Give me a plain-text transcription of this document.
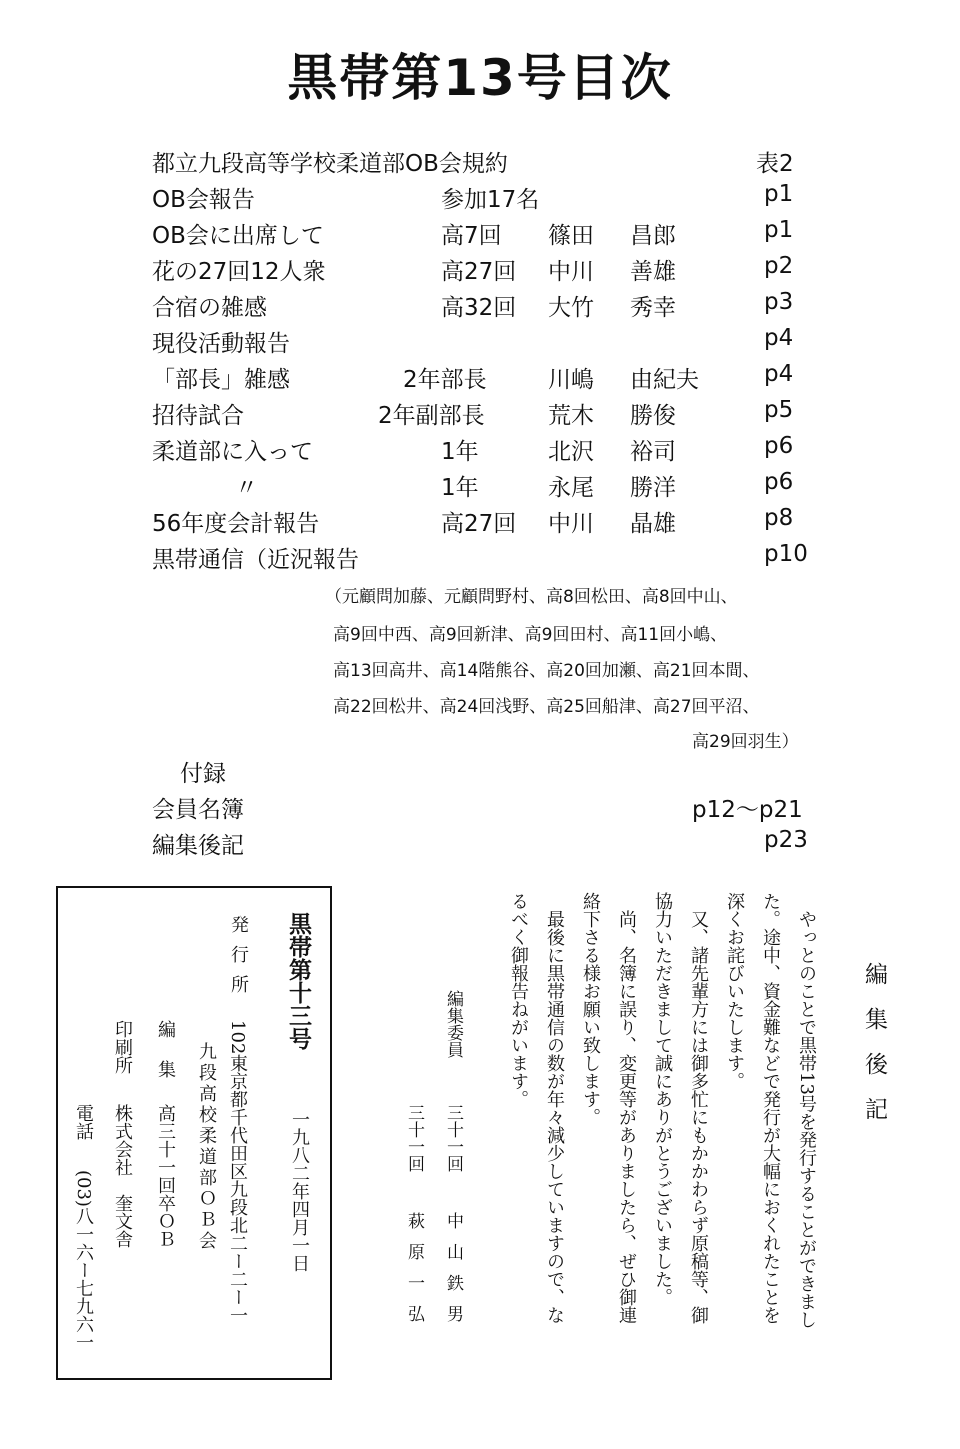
黒帯第13号目次
都立九段高等学校柔道部OB会規約	表2
OB会報告	参加17名	p1
OB会に出席して	高7回 篠田 昌郎	p1
花の27回12人衆	高27回 中川 善雄	p2
合宿の雑感	高32回 大竹 秀幸	p3
現役活動報告	p4
「部長」雑感	2年部長	川嶋 由紀夫	p4
招待試合	2年副部長	荒木 勝俊	p5
柔道部に入って	1年	北沢 裕司	p6
〃	1年	永尾 勝洋	p6
56年度会計報告	高27回 中川 晶雄	p8
黒帯通信（近況報告	p10
（元顧問加藤、元顧問野村、高8回松田、高8回中山、
高9回中西、高9回新津、高9回田村、高11回小嶋、
高13回高井、高14階熊谷、高20回加瀬、高21回本間、
高22回松井、高24回浅野、高25回船津、高27回平沼、
高29回羽生）
付録
会員名簿	p12〜p21
編集後記	p23
編集後記
やっとのことで黒帯13号を発行することができまし
た。途中、資金難などで発行が大幅におくれたことを
深くお詫びいたします。
又、諸先輩方には御多忙にもかかわらず原稿等、御
協力いただきまして誠にありがとうございました。
尚、名簿に誤り、変更等がありましたら、ぜひ御連
絡下さる様お願い致します。
最後に黒帯通信の数が年々減少していますので、な
るべく御報告ねがいます。
編集委員
三十一回
中山鉄男
三十一回
萩原一弘
黒帯第十三号
一九八二年四月一日
発行所
102東京都千代田区九段北二ー二ー一
九段高校柔道部ＯＢ会
編集
高三十一回卒ＯＢ
印刷所
株式会社　奎文舎
電話
(03)八一六ー七九六一
